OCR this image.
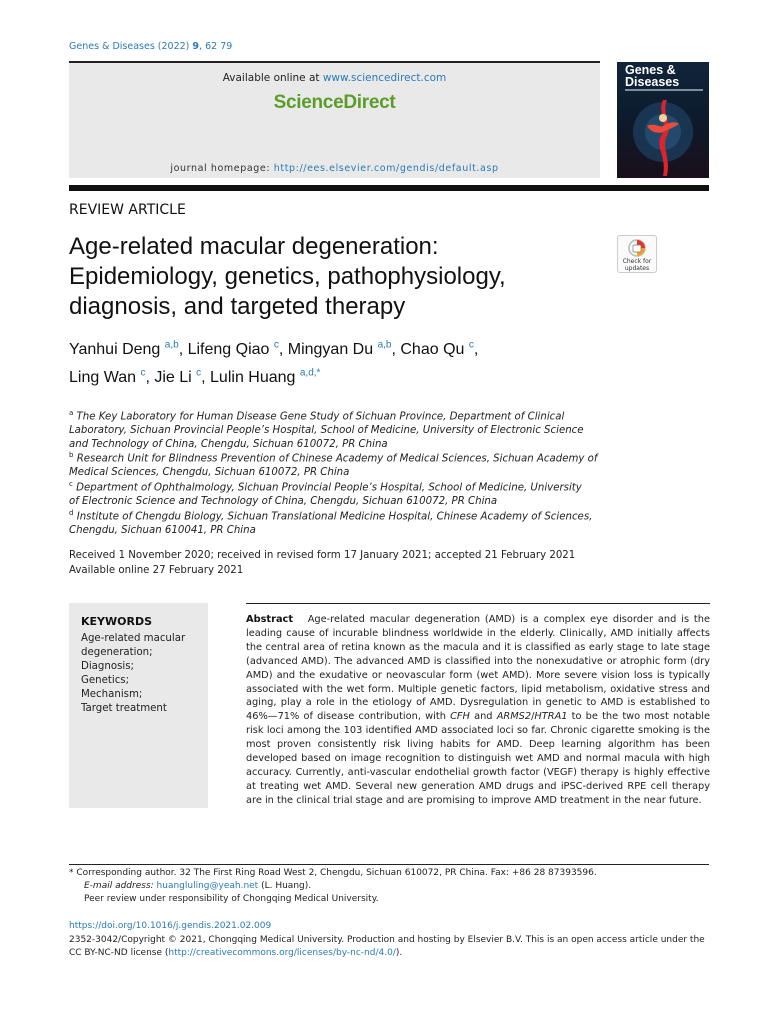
Genes & Diseases (2022) 9, 62 79
Available online at www.sciencedirect.com
ScienceDirect
journal homepage: http://ees.elsevier.com/gendis/default.asp
Genes &
Diseases
REVIEW ARTICLE
Age-related macular degeneration:
Epidemiology, genetics, pathophysiology,
diagnosis, and targeted therapy
Check for
updates
Yanhui Deng $^{a,b}$, Lifeng Qiao $^c$, Mingyan Du $^{a,b}$, Chao Qu $^c$,
Ling Wan $^c$, Jie Li $^c$, Lulin Huang $^{a,d,*}$
$^a$ The Key Laboratory for Human Disease Gene Study of Sichuan Province, Department of Clinical
Laboratory, Sichuan Provincial People’s Hospital, School of Medicine, University of Electronic Science
and Technology of China, Chengdu, Sichuan 610072, PR China
$^b$ Research Unit for Blindness Prevention of Chinese Academy of Medical Sciences, Sichuan Academy of
Medical Sciences, Chengdu, Sichuan 610072, PR China
$^c$ Department of Ophthalmology, Sichuan Provincial People’s Hospital, School of Medicine, University
of Electronic Science and Technology of China, Chengdu, Sichuan 610072, PR China
$^d$ Institute of Chengdu Biology, Sichuan Translational Medicine Hospital, Chinese Academy of Sciences,
Chengdu, Sichuan 610041, PR China
Received 1 November 2020; received in revised form 17 January 2021; accepted 21 February 2021
Available online 27 February 2021
KEYWORDS
Age-related macular
degeneration;
Diagnosis;
Genetics;
Mechanism;
Target treatment
Abstract Age-related macular degeneration (AMD) is a complex eye disorder and is the leading cause of incurable blindness worldwide in the elderly. Clinically, AMD initially affects the central area of retina known as the macula and it is classified as early stage to late stage (advanced AMD). The advanced AMD is classified into the nonexudative or atrophic form (dry AMD) and the exudative or neovascular form (wet AMD). More severe vision loss is typically associated with the wet form. Multiple genetic factors, lipid metabolism, oxidative stress and aging, play a role in the etiology of AMD. Dysregulation in genetic to AMD is established to 46%—71% of disease contribution, with CFH and ARMS2/HTRA1 to be the two most notable risk loci among the 103 identified AMD associated loci so far. Chronic cigarette smoking is the most proven consistently risk living habits for AMD. Deep learning algorithm has been developed based on image recognition to distinguish wet AMD and normal macula with high accuracy. Currently, anti-vascular endothelial growth factor (VEGF) therapy is highly effective at treating wet AMD. Several new generation AMD drugs and iPSC-derived RPE cell therapy are in the clinical trial stage and are promising to improve AMD treatment in the near future.
* Corresponding author. 32 The First Ring Road West 2, Chengdu, Sichuan 610072, PR China. Fax: +86 28 87393596.
E-mail address: huangluling@yeah.net (L. Huang).
Peer review under responsibility of Chongqing Medical University.
https://doi.org/10.1016/j.gendis.2021.02.009
2352-3042/Copyright © 2021, Chongqing Medical University. Production and hosting by Elsevier B.V. This is an open access article under the
CC BY-NC-ND license (http://creativecommons.org/licenses/by-nc-nd/4.0/).
